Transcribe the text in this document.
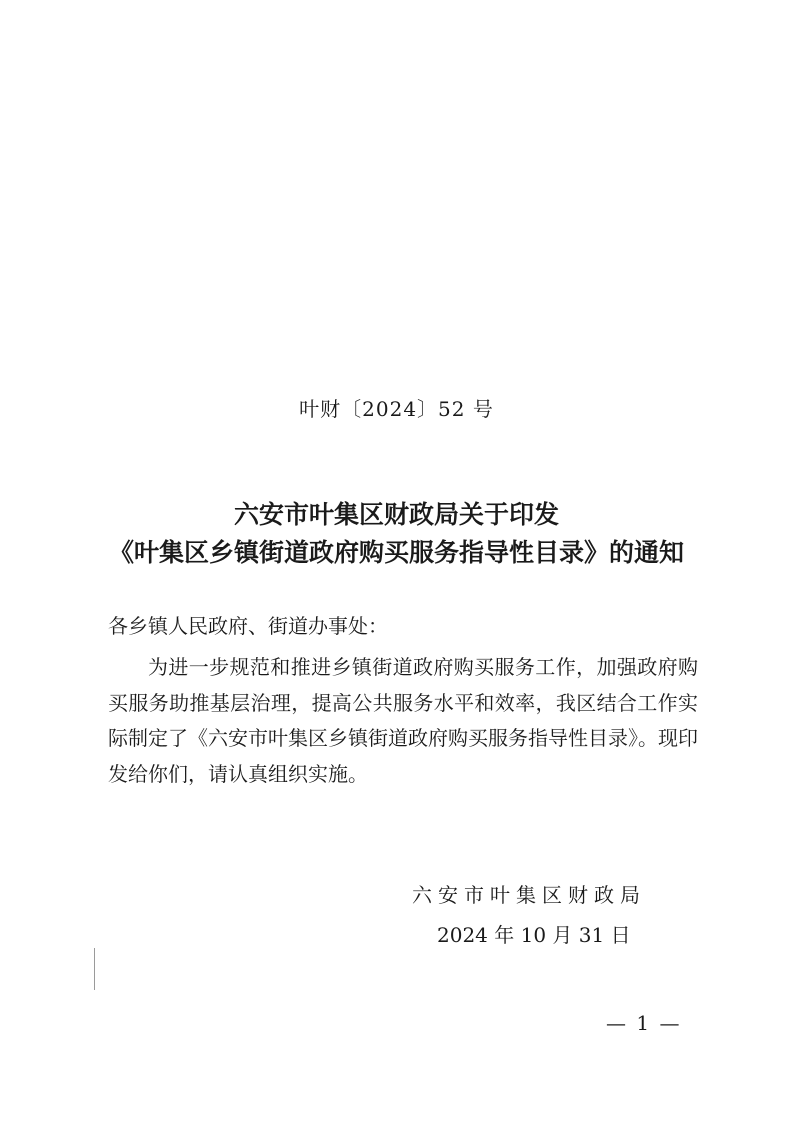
叶财〔2024〕52 号
六安市叶集区财政局关于印发
《叶集区乡镇街道政府购买服务指导性目录》的通知
各乡镇人民政府、街道办事处：

为进一步规范和推进乡镇街道政府购买服务工作，加强政府购买服务助推基层治理，提高公共服务水平和效率，我区结合工作实际制定了《六安市叶集区乡镇街道政府购买服务指导性目录》。现印发给你们，请认真组织实施。

六安市叶集区财政局
2024 年 10 月 31 日
— 1 —
